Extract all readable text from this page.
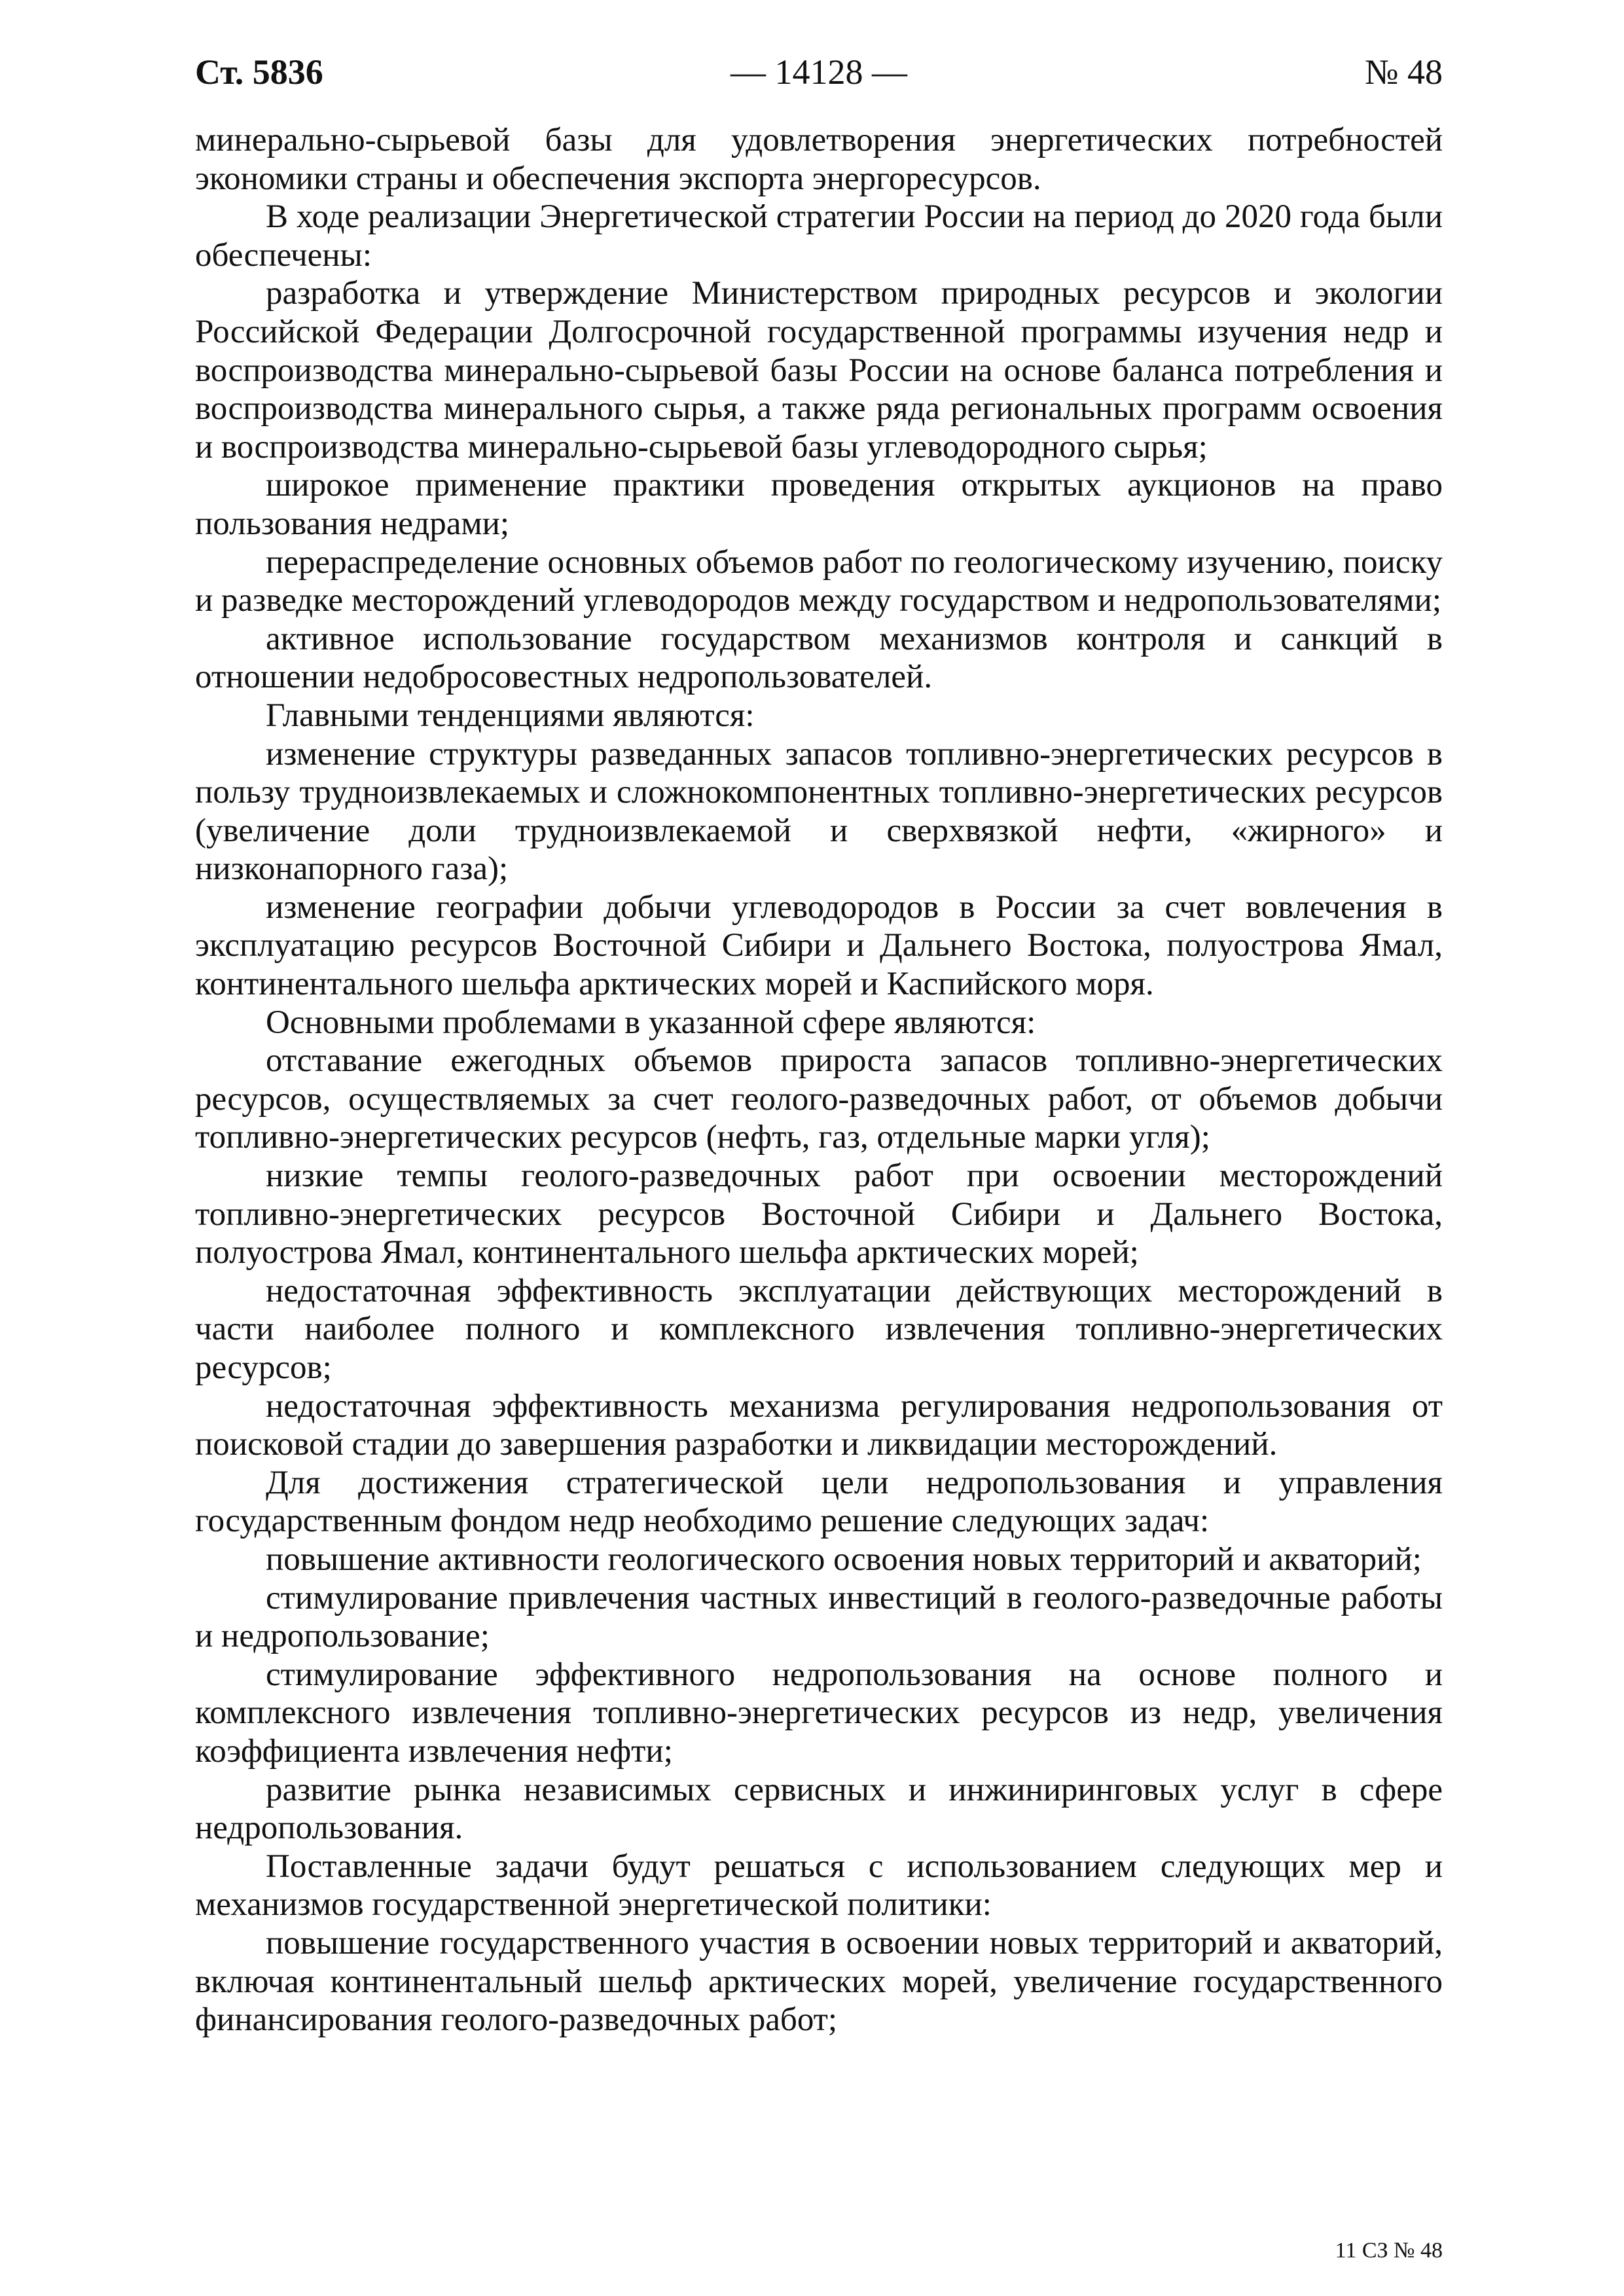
Ст. 5836	— 14128 —	№ 48

минерально-сырьевой базы для удовлетворения энергетических потребностей экономики страны и обеспечения экспорта энергоресурсов.

В ходе реализации Энергетической стратегии России на период до 2020 года были обеспечены:

разработка и утверждение Министерством природных ресурсов и экологии Российской Федерации Долгосрочной государственной программы изучения недр и воспроизводства минерально-сырьевой базы России на основе баланса потребления и воспроизводства минерального сырья, а также ряда региональных программ освоения и воспроизводства минерально-сырьевой базы углеводородного сырья;

широкое применение практики проведения открытых аукционов на право пользования недрами;

перераспределение основных объемов работ по геологическому изучению, поиску и разведке месторождений углеводородов между государством и недропользователями;

активное использование государством механизмов контроля и санкций в отношении недобросовестных недропользователей.

Главными тенденциями являются:

изменение структуры разведанных запасов топливно-энергетических ресурсов в пользу трудноизвлекаемых и сложнокомпонентных топливно-энергетических ресурсов (увеличение доли трудноизвлекаемой и сверхвязкой нефти, «жирного» и низконапорного газа);

изменение географии добычи углеводородов в России за счет вовлечения в эксплуатацию ресурсов Восточной Сибири и Дальнего Востока, полуострова Ямал, континентального шельфа арктических морей и Каспийского моря.

Основными проблемами в указанной сфере являются:

отставание ежегодных объемов прироста запасов топливно-энергетических ресурсов, осуществляемых за счет геолого-разведочных работ, от объемов добычи топливно-энергетических ресурсов (нефть, газ, отдельные марки угля);

низкие темпы геолого-разведочных работ при освоении месторождений топливно-энергетических ресурсов Восточной Сибири и Дальнего Востока, полуострова Ямал, континентального шельфа арктических морей;

недостаточная эффективность эксплуатации действующих месторождений в части наиболее полного и комплексного извлечения топливно-энергетических ресурсов;

недостаточная эффективность механизма регулирования недропользования от поисковой стадии до завершения разработки и ликвидации месторождений.

Для достижения стратегической цели недропользования и управления государственным фондом недр необходимо решение следующих задач:

повышение активности геологического освоения новых территорий и акваторий;

стимулирование привлечения частных инвестиций в геолого-разведочные работы и недропользование;

стимулирование эффективного недропользования на основе полного и комплексного извлечения топливно-энергетических ресурсов из недр, увеличения коэффициента извлечения нефти;

развитие рынка независимых сервисных и инжиниринговых услуг в сфере недропользования.

Поставленные задачи будут решаться с использованием следующих мер и механизмов государственной энергетической политики:

повышение государственного участия в освоении новых территорий и акваторий, включая континентальный шельф арктических морей, увеличение государственного финансирования геолого-разведочных работ;

11 СЗ № 48
